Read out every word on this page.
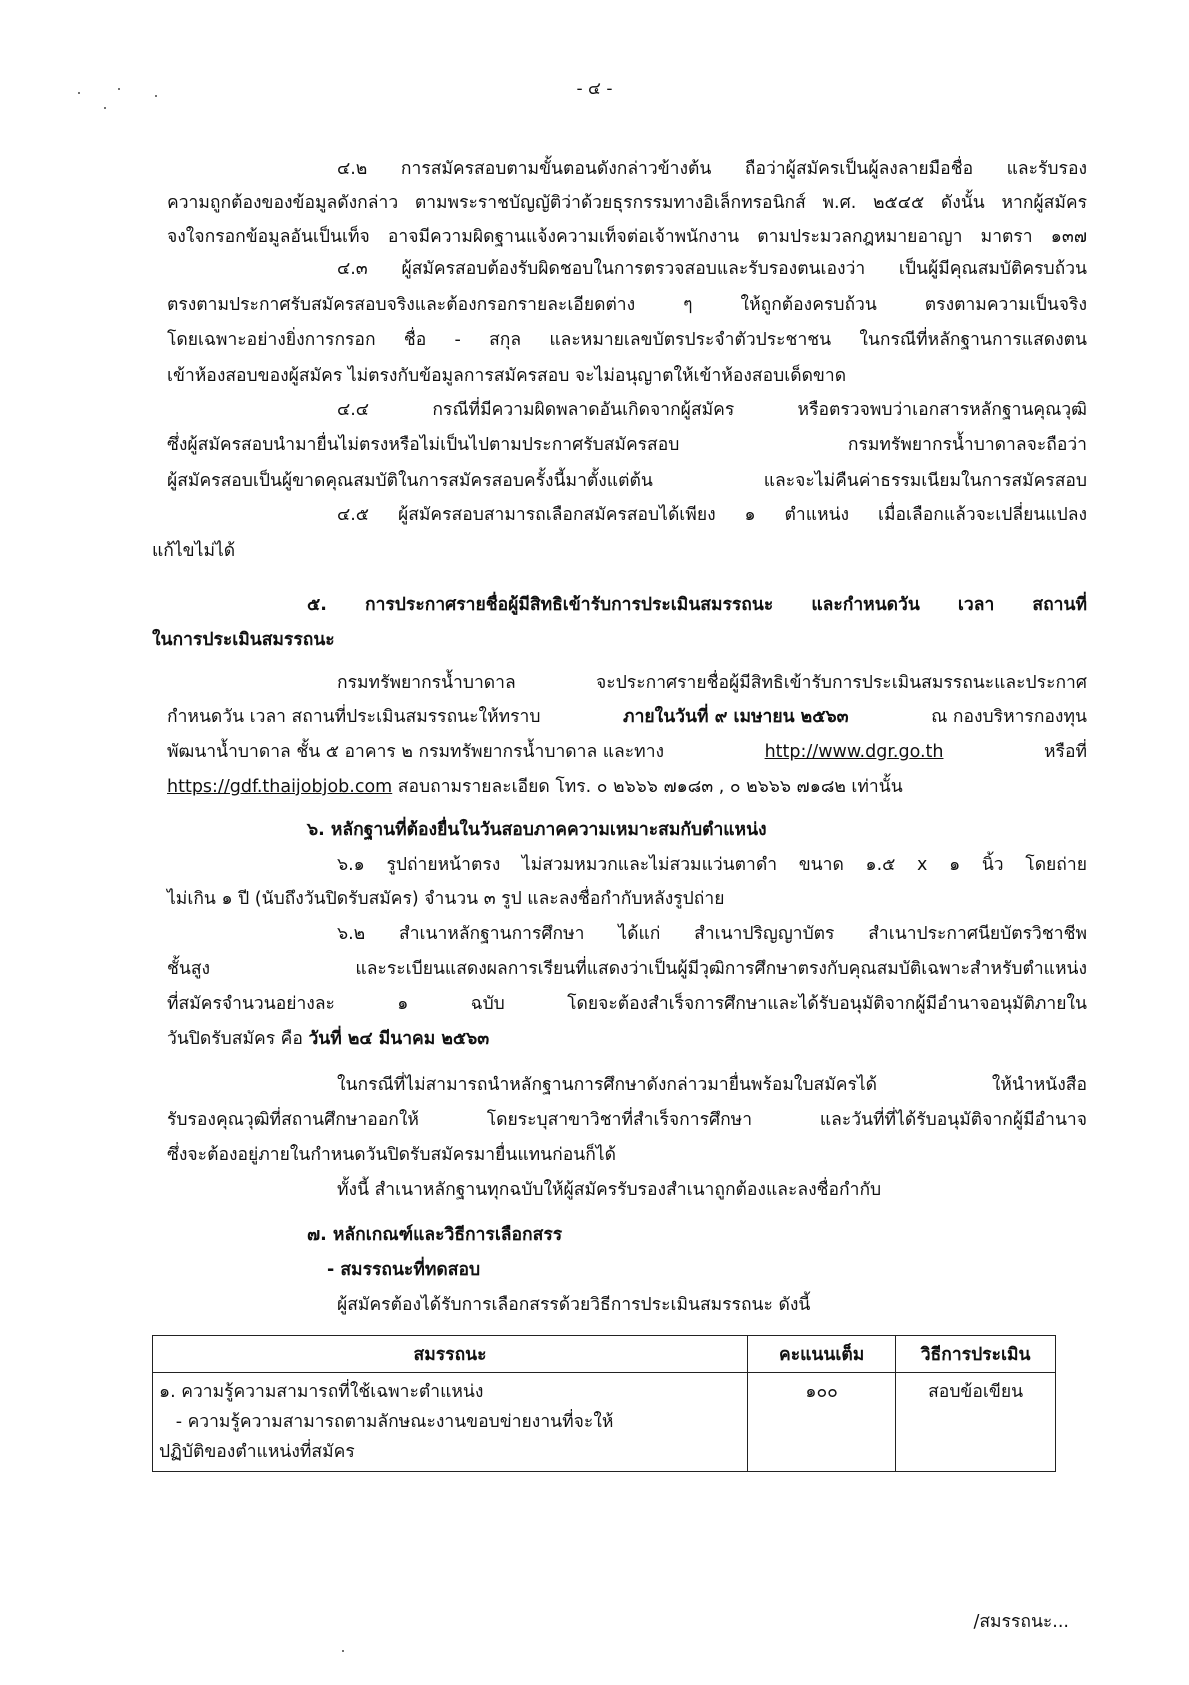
- ๔ -
๔.๒ การสมัครสอบตามขั้นตอนดังกล่าวข้างต้น ถือว่าผู้สมัครเป็นผู้ลงลายมือชื่อ และรับรอง
ความถูกต้องของข้อมูลดังกล่าว ตามพระราชบัญญัติว่าด้วยธุรกรรมทางอิเล็กทรอนิกส์ พ.ศ. ๒๕๔๕ ดังนั้น หากผู้สมัคร
จงใจกรอกข้อมูลอันเป็นเท็จ อาจมีความผิดฐานแจ้งความเท็จต่อเจ้าพนักงาน ตามประมวลกฎหมายอาญา มาตรา ๑๓๗
๔.๓ ผู้สมัครสอบต้องรับผิดชอบในการตรวจสอบและรับรองตนเองว่า เป็นผู้มีคุณสมบัติครบถ้วน
ตรงตามประกาศรับสมัครสอบจริงและต้องกรอกรายละเอียดต่าง ๆ ให้ถูกต้องครบถ้วน ตรงตามความเป็นจริง
โดยเฉพาะอย่างยิ่งการกรอก ชื่อ - สกุล และหมายเลขบัตรประจำตัวประชาชน ในกรณีที่หลักฐานการแสดงตน
เข้าห้องสอบของผู้สมัคร ไม่ตรงกับข้อมูลการสมัครสอบ จะไม่อนุญาตให้เข้าห้องสอบเด็ดขาด
๔.๔ กรณีที่มีความผิดพลาดอันเกิดจากผู้สมัคร หรือตรวจพบว่าเอกสารหลักฐานคุณวุฒิ
ซึ่งผู้สมัครสอบนำมายื่นไม่ตรงหรือไม่เป็นไปตามประกาศรับสมัครสอบ กรมทรัพยากรน้ำบาดาลจะถือว่า
ผู้สมัครสอบเป็นผู้ขาดคุณสมบัติในการสมัครสอบครั้งนี้มาตั้งแต่ต้น และจะไม่คืนค่าธรรมเนียมในการสมัครสอบ
๔.๕ ผู้สมัครสอบสามารถเลือกสมัครสอบได้เพียง ๑ ตำแหน่ง เมื่อเลือกแล้วจะเปลี่ยนแปลง
แก้ไขไม่ได้
๕. การประกาศรายชื่อผู้มีสิทธิเข้ารับการประเมินสมรรถนะ และกำหนดวัน เวลา สถานที่
ในการประเมินสมรรถนะ
กรมทรัพยากรน้ำบาดาล จะประกาศรายชื่อผู้มีสิทธิเข้ารับการประเมินสมรรถนะและประกาศ
กำหนดวัน เวลา สถานที่ประเมินสมรรถนะให้ทราบ	ภายในวันที่ ๙ เมษายน ๒๕๖๓	ณ กองบริหารกองทุน
พัฒนาน้ำบาดาล ชั้น ๕ อาคาร ๒ กรมทรัพยากรน้ำบาดาล และทาง	http://www.dgr.go.th	หรือที่
https://gdf.thaijobjob.com สอบถามรายละเอียด โทร. ๐ ๒๖๖๖ ๗๑๘๓ , ๐ ๒๖๖๖ ๗๑๘๒ เท่านั้น
๖. หลักฐานที่ต้องยื่นในวันสอบภาคความเหมาะสมกับตำแหน่ง
๖.๑ รูปถ่ายหน้าตรง ไม่สวมหมวกและไม่สวมแว่นตาดำ ขนาด ๑.๕ x ๑ นิ้ว โดยถ่าย
ไม่เกิน ๑ ปี (นับถึงวันปิดรับสมัคร) จำนวน ๓ รูป และลงชื่อกำกับหลังรูปถ่าย
๖.๒ สำเนาหลักฐานการศึกษา ได้แก่ สำเนาปริญญาบัตร สำเนาประกาศนียบัตรวิชาชีพ
ชั้นสูง และระเบียนแสดงผลการเรียนที่แสดงว่าเป็นผู้มีวุฒิการศึกษาตรงกับคุณสมบัติเฉพาะสำหรับตำแหน่ง
ที่สมัครจำนวนอย่างละ ๑ ฉบับ โดยจะต้องสำเร็จการศึกษาและได้รับอนุมัติจากผู้มีอำนาจอนุมัติภายใน
วันปิดรับสมัคร คือ วันที่ ๒๔ มีนาคม ๒๕๖๓
ในกรณีที่ไม่สามารถนำหลักฐานการศึกษาดังกล่าวมายื่นพร้อมใบสมัครได้ ให้นำหนังสือ
รับรองคุณวุฒิที่สถานศึกษาออกให้ โดยระบุสาขาวิชาที่สำเร็จการศึกษา และวันที่ที่ได้รับอนุมัติจากผู้มีอำนาจ
ซึ่งจะต้องอยู่ภายในกำหนดวันปิดรับสมัครมายื่นแทนก่อนก็ได้
ทั้งนี้ สำเนาหลักฐานทุกฉบับให้ผู้สมัครรับรองสำเนาถูกต้องและลงชื่อกำกับ
๗. หลักเกณฑ์และวิธีการเลือกสรร
- สมรรถนะที่ทดสอบ
ผู้สมัครต้องได้รับการเลือกสรรด้วยวิธีการประเมินสมรรถนะ ดังนี้
สมรรถนะ	คะแนนเต็ม	วิธีการประเมิน

๑. ความรู้ความสามารถที่ใช้เฉพาะตำแหน่ง
- ความรู้ความสามารถตามลักษณะงานขอบข่ายงานที่จะให้
ปฏิบัติของตำแหน่งที่สมัคร	๑๐๐	สอบข้อเขียน
/สมรรถนะ...
